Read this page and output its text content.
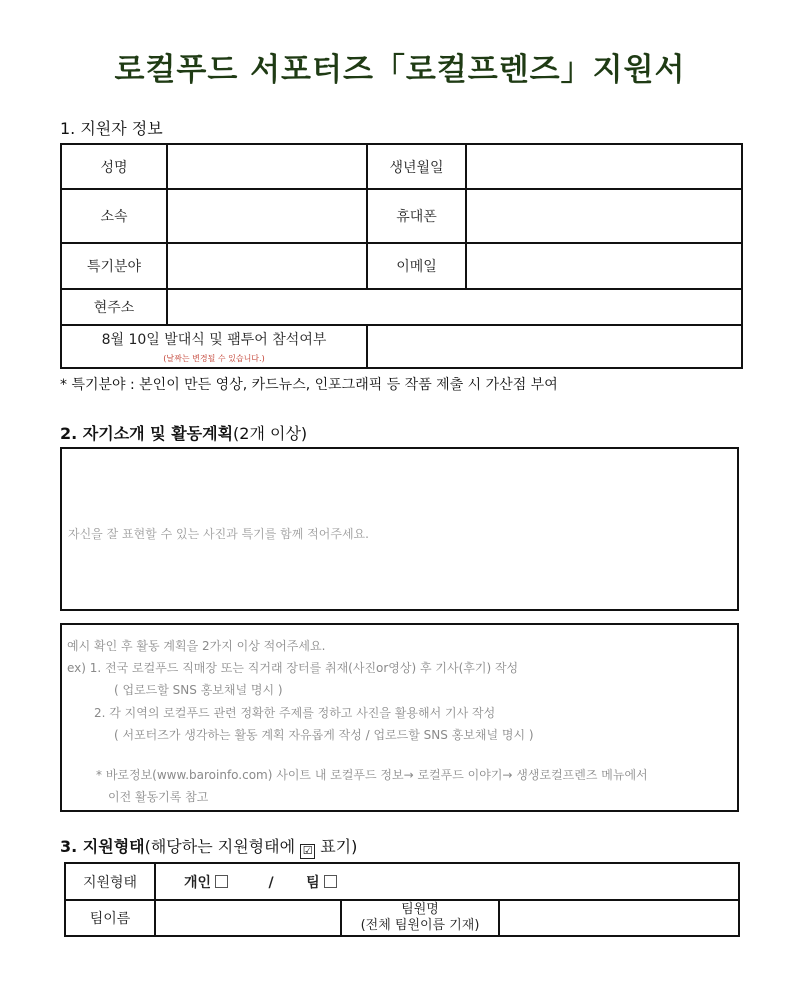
로컬푸드 서포터즈「로컬프렌즈」지원서
1. 지원자 정보
성명		생년월일	
소속		휴대폰	
특기분야		이메일	
현주소			
8월 10일 발대식 및 팸투어 참석여부
(날짜는 변경될 수 있습니다.)			

* 특기분야 : 본인이 만든 영상, 카드뉴스, 인포그래픽 등 작품 제출 시 가산점 부여
2. 자기소개 및 활동계획(2개 이상)
자신을 잘 표현할 수 있는 사진과 특기를 함께 적어주세요.
예시 확인 후 활동 계획을 2가지 이상 적어주세요.
ex) 1. 전국 로컬푸드 직매장 또는 직거래 장터를 취재(사진or영상) 후 기사(후기) 작성
( 업로드할 SNS 홍보채널 명시 )
2. 각 지역의 로컬푸드 관련 정확한 주제를 정하고 사진을 활용해서 기사 작성
( 서포터즈가 생각하는 활동 계획 자유롭게 작성 / 업로드할 SNS 홍보채널 명시 )
* 바로정보(www.baroinfo.com) 사이트 내 로컬푸드 정보→ 로컬푸드 이야기→ 생생로컬프렌즈 메뉴에서
이전 활동기록 참고
3. 지원형태(해당하는 지원형태에 ☑ 표기)
지원형태	개인 / 팀		
팀이름		팀원명
(전체 팀원이름 기재)	
